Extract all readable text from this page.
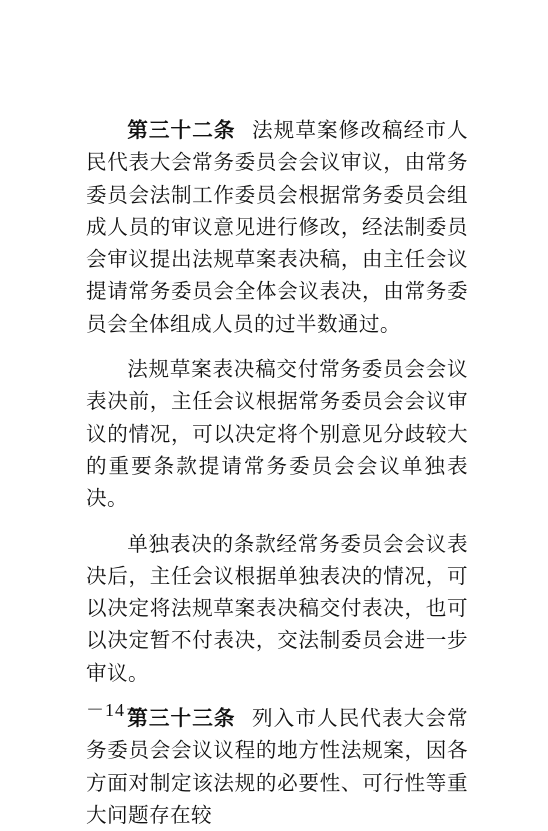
第三十二条 法规草案修改稿经市人民代表大会常务委员会会议审议，由常务委员会法制工作委员会根据常务委员会组成人员的审议意见进行修改，经法制委员会审议提出法规草案表决稿，由主任会议提请常务委员会全体会议表决，由常务委员会全体组成人员的过半数通过。

法规草案表决稿交付常务委员会会议表决前，主任会议根据常务委员会会议审议的情况，可以决定将个别意见分歧较大的重要条款提请常务委员会会议单独表决。

单独表决的条款经常务委员会会议表决后，主任会议根据单独表决的情况，可以决定将法规草案表决稿交付表决，也可以决定暂不付表决，交法制委员会进一步审议。

第三十三条 列入市人民代表大会常务委员会会议议程的地方性法规案，因各方面对制定该法规的必要性、可行性等重大问题存在较

－14－
